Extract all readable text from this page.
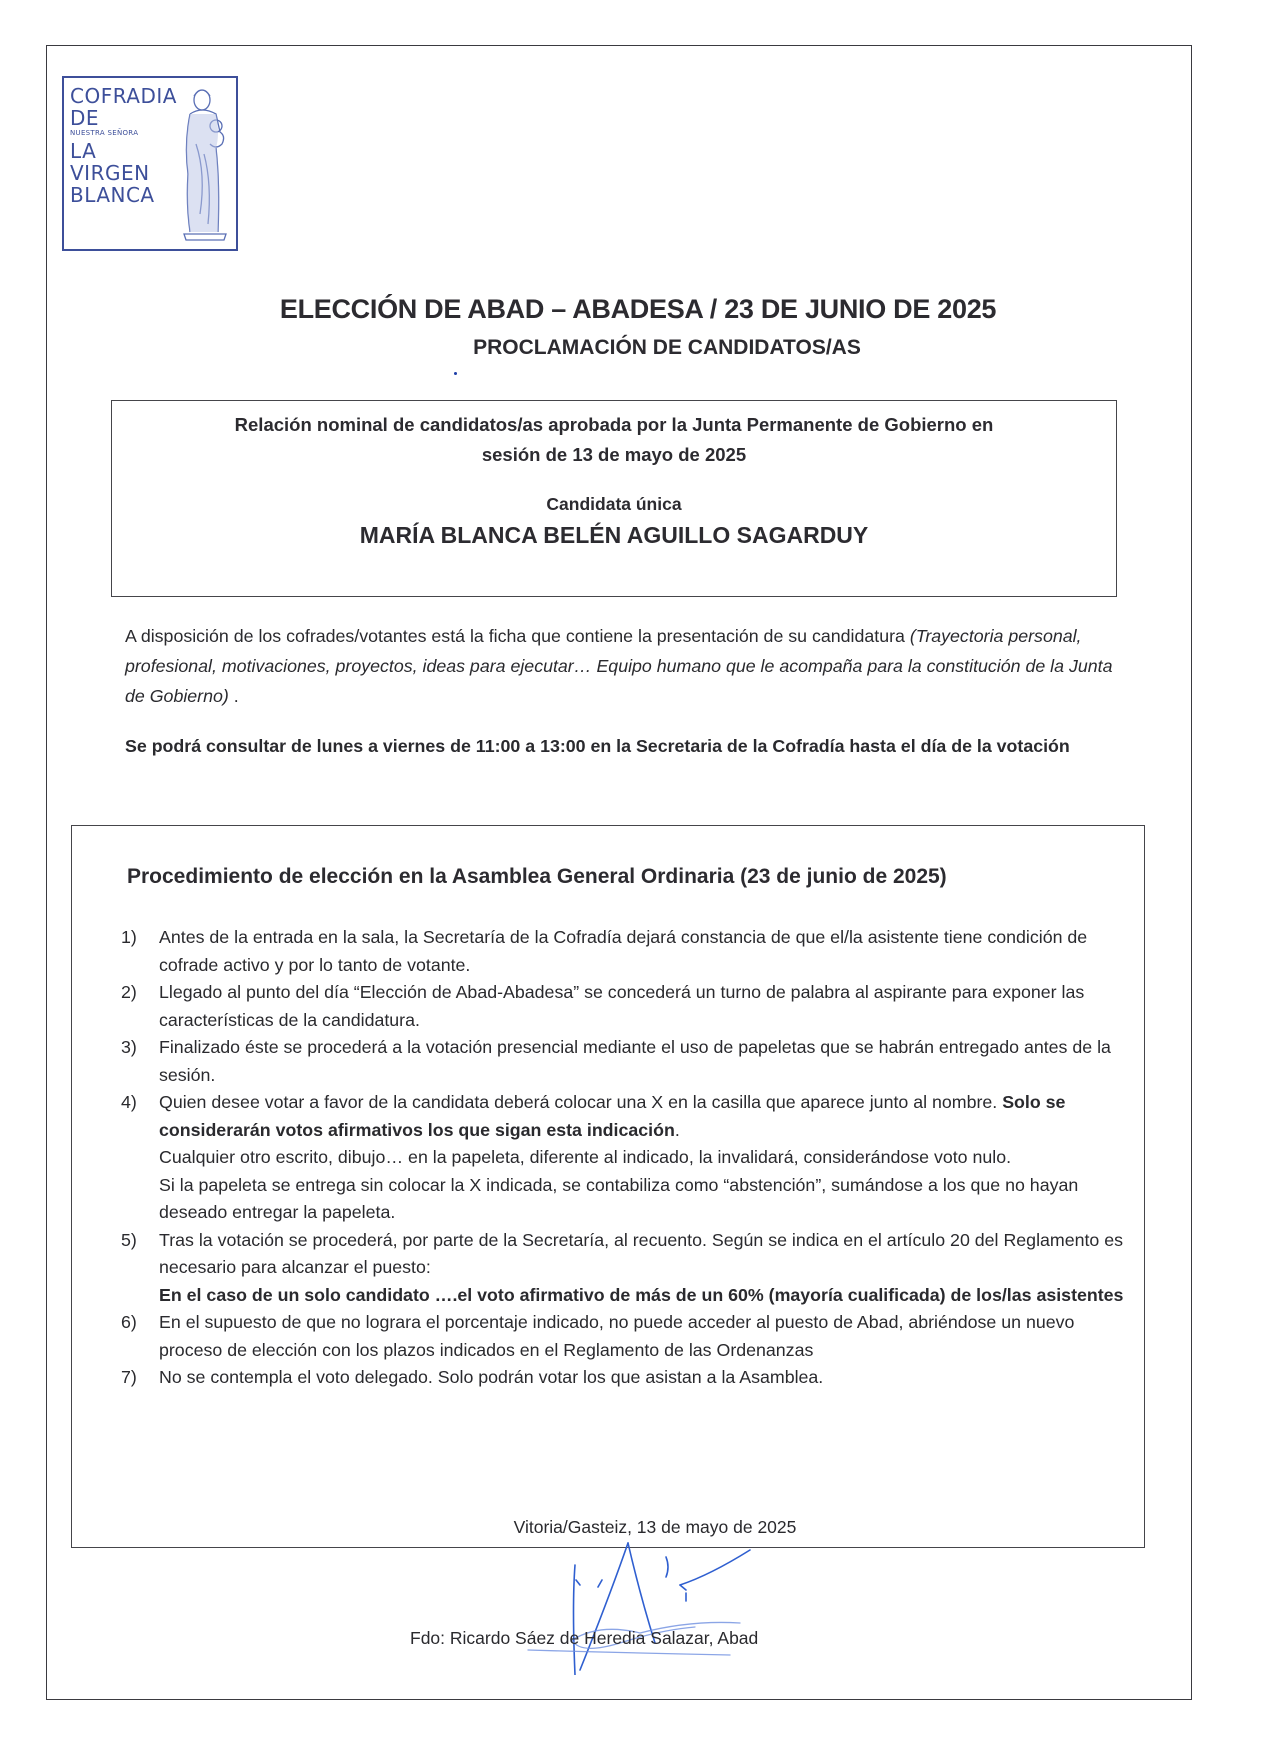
COFRADIA
DE
NUESTRA SEÑORA
LA
VIRGEN
BLANCA
ELECCIÓN DE ABAD – ABADESA / 23 DE JUNIO DE 2025
PROCLAMACIÓN DE CANDIDATOS/AS
Relación nominal de candidatos/as aprobada por la Junta Permanente de Gobierno en
sesión de 13 de mayo de 2025
Candidata única
MARÍA BLANCA BELÉN AGUILLO SAGARDUY
A disposición de los cofrades/votantes está la ficha que contiene la presentación de su candidatura (Trayectoria personal, profesional, motivaciones, proyectos, ideas para ejecutar… Equipo humano que le acompaña para la constitución de la Junta de Gobierno) .
Se podrá consultar de lunes a viernes de 11:00 a 13:00 en la Secretaria de la Cofradía hasta el día de la votación
Procedimiento de elección en la Asamblea General Ordinaria (23 de junio de 2025)
1)	Antes de la entrada en la sala, la Secretaría de la Cofradía dejará constancia de que el/la asistente tiene condición de cofrade activo y por lo tanto de votante.
2)	Llegado al punto del día “Elección de Abad-Abadesa” se concederá un turno de palabra al aspirante para exponer las características de la candidatura.
3)	Finalizado éste se procederá a la votación presencial mediante el uso de papeletas que se habrán entregado antes de la sesión.
4)	Quien desee votar a favor de la candidata deberá colocar una X en la casilla que aparece junto al nombre. Solo se considerarán votos afirmativos los que sigan esta indicación.
Cualquier otro escrito, dibujo… en la papeleta, diferente al indicado, la invalidará, considerándose voto nulo.
Si la papeleta se entrega sin colocar la X indicada, se contabiliza como “abstención”, sumándose a los que no hayan deseado entregar la papeleta.
5)	Tras la votación se procederá, por parte de la Secretaría, al recuento. Según se indica en el artículo 20 del Reglamento es necesario para alcanzar el puesto:
En el caso de un solo candidato ….el voto afirmativo de más de un 60% (mayoría cualificada) de los/las asistentes
6)	En el supuesto de que no lograra el porcentaje indicado, no puede acceder al puesto de Abad, abriéndose un nuevo proceso de elección con los plazos indicados en el Reglamento de las Ordenanzas
7)	No se contempla el voto delegado. Solo podrán votar los que asistan a la Asamblea.
Vitoria/Gasteiz, 13 de mayo de 2025
Fdo: Ricardo Sáez de Heredia Salazar, Abad
